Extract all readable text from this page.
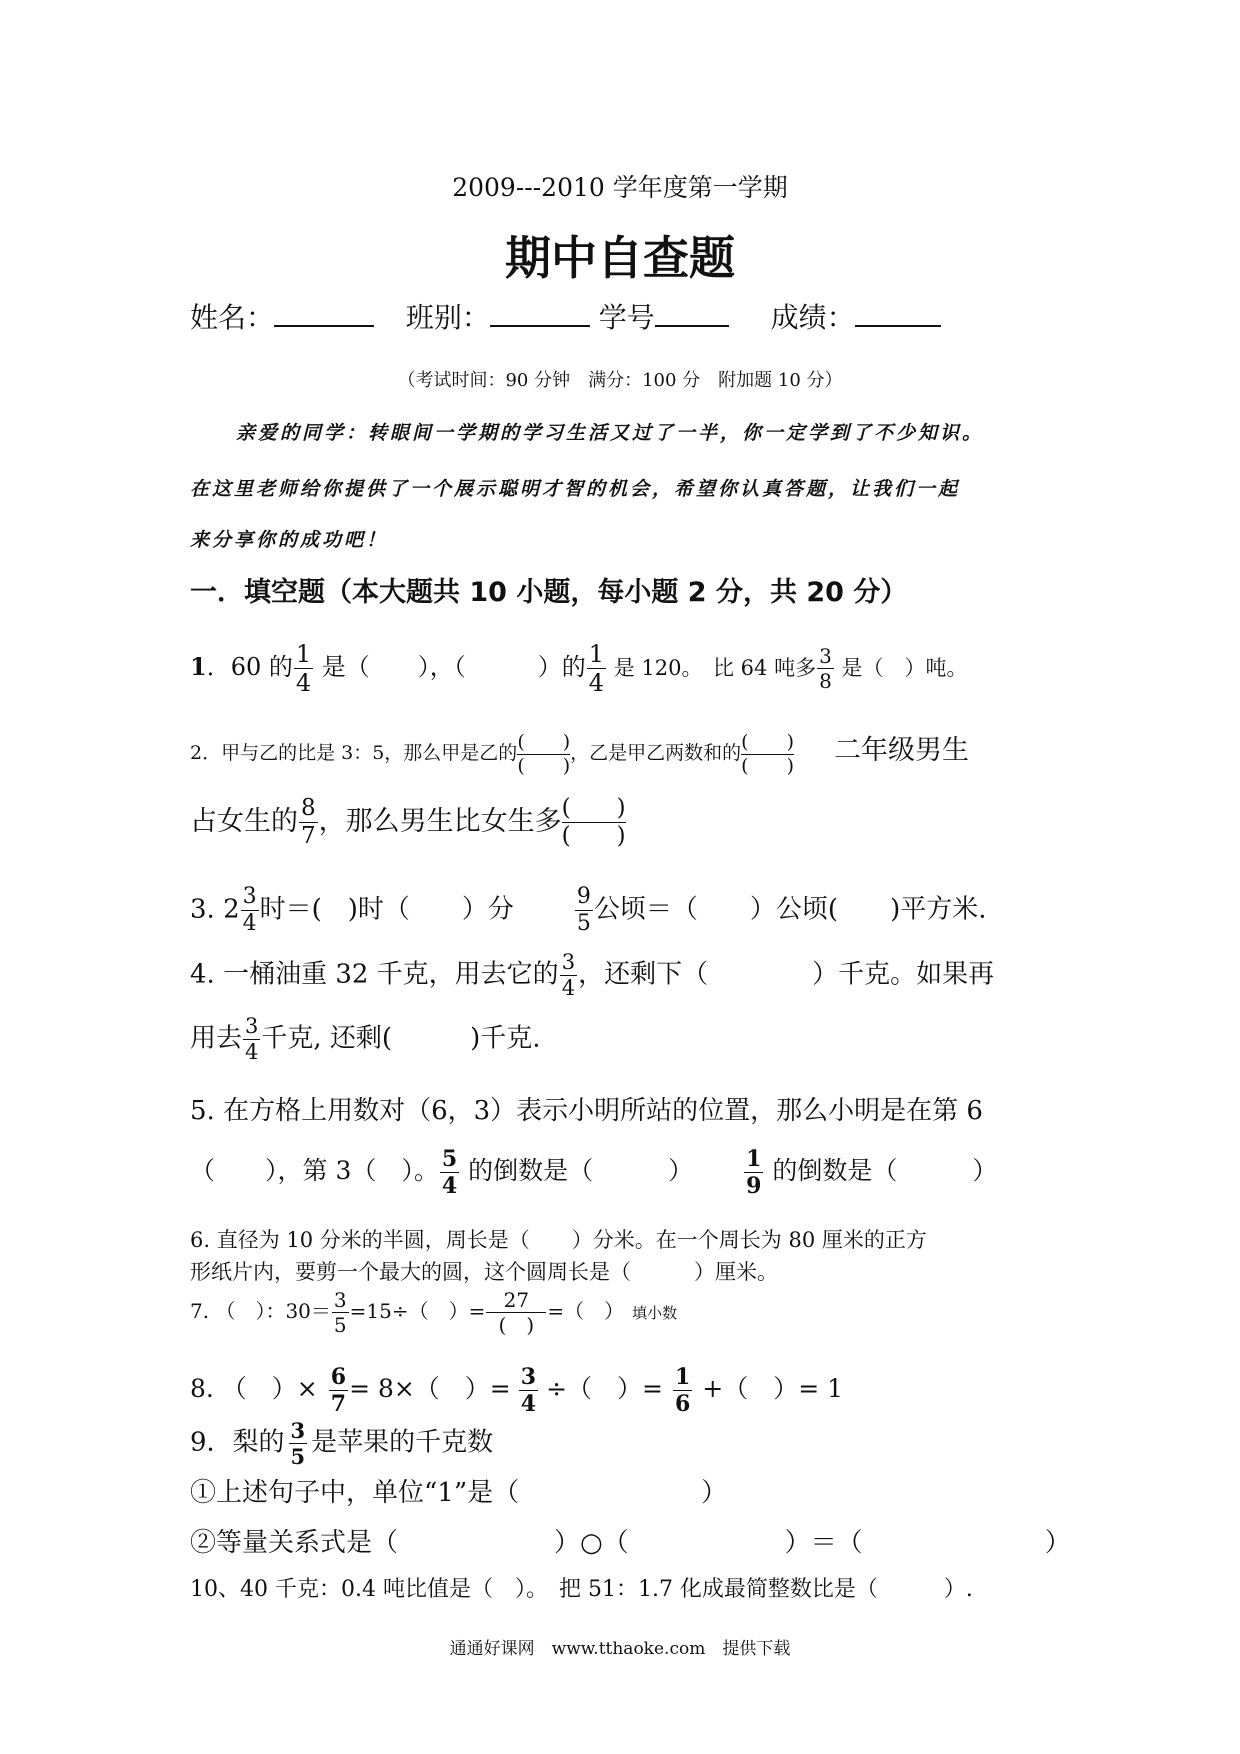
2009---2010 学年度第一学期
期中自查题
姓名：	班别：	学号	成绩：
（考试时间：90 分钟　满分：100 分　附加题 10 分）
亲爱的同学：转眼间一学期的学习生活又过了一半，你一定学到了不少知识。
在这里老师给你提供了一个展示聪明才智的机会，希望你认真答题，让我们一起
来分享你的成功吧！
一．填空题（本大题共 10 小题，每小题 2 分，共 20 分）
1．60 的 $\frac{1}{4}$ 是（　　），（　　　）的 $\frac{1}{4}$ 是 120。　比 64 吨多 $\frac{3}{8}$ 是（　）吨。
2．甲与乙的比是 3：5，那么甲是乙的
(　　)
(　　)
，乙是甲乙两数和的
(　　)
(　　) 二年级男生
占女生的 $\frac{8}{7}$ ，那么男生比女生多 (　　)
(　　)
3. $2 \frac{3}{4}$ 时＝(　)时（　　）分	$\frac{9}{5}$ 公顷＝（　　）公顷(　　)平方米.
4. 一桶油重 32 千克，用去它的 $\frac{3}{4}$ ，还剩下（　　　　）千克。如果再
用去 $\frac{3}{4}$ 千克, 还剩(　　　)千克.
5. 在方格上用数对（6，3）表示小明所站的位置，那么小明是在第 6
（　　），第 3（　）。 $\frac{5}{4}$ 的倒数是（　　　） $\frac{1}{9}$ 的倒数是（　　　）
6. 直径为 10 分米的半圆，周长是（　　）分米。在一个周长为 80 厘米的正方
形纸片内，要剪一个最大的圆，这个圆周长是（　　　）厘米。
7. （　）：$30= \frac{3}{5} =15\div$（　）= $\frac{27}{( )}$ =（　） 填小数
8. （　）× $\frac{6}{7} = 8\times$（　）= $\frac{3}{4}$ ÷（　）= $\frac{1}{6}$ +（　）= 1
9．梨的 $\frac{3}{5}$ 是苹果的千克数
①上述句子中，单位“1”是（　　　　　　　）
②等量关系式是（　　　　　　）○（　　　　　　）＝（　　　　　　　）
10、40 千克：0.4 吨比值是（　）。　把 51：1.7 化成最简整数比是（　　　）.
通通好课网　www.tthaoke.com　提供下载
